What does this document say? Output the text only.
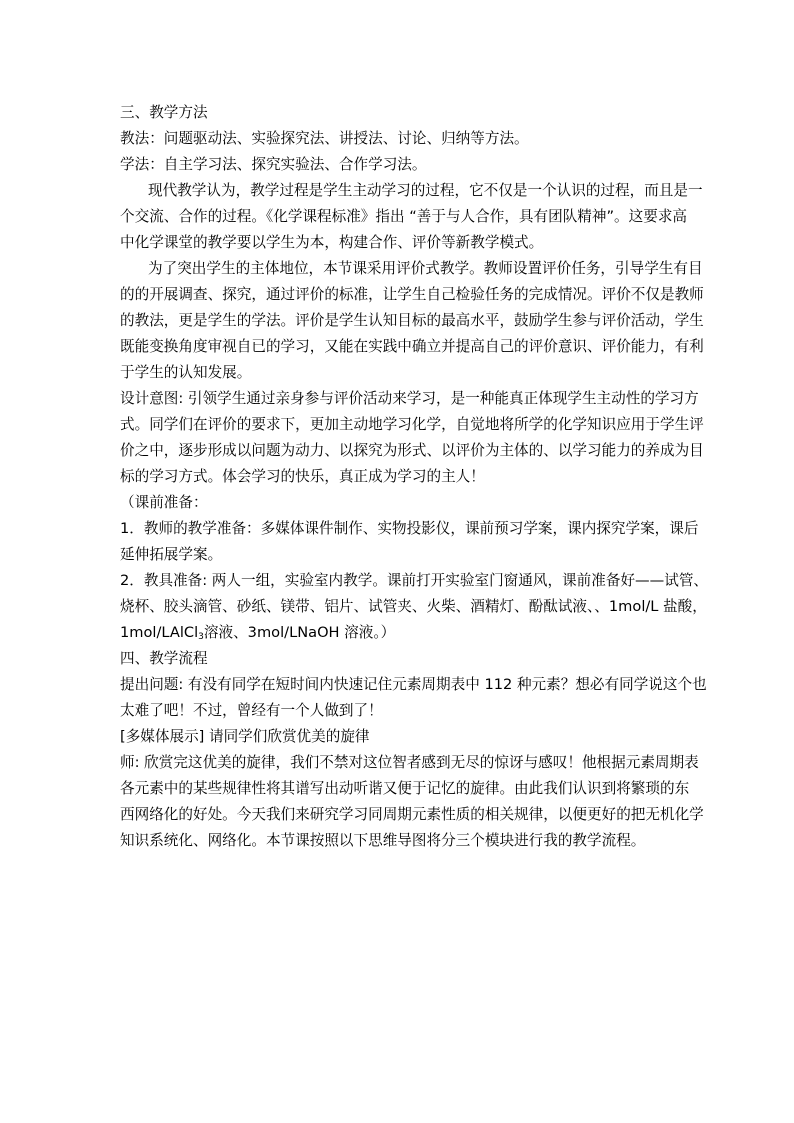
三、教学方法
教法：问题驱动法、实验探究法、讲授法、讨论、归纳等方法。
学法：自主学习法、探究实验法、合作学习法。
现代教学认为，教学过程是学生主动学习的过程，它不仅是一个认识的过程，而且是一
个交流、合作的过程。《化学课程标准》指出 “善于与人合作，具有团队精神”。这要求高
中化学课堂的教学要以学生为本，构建合作、评价等新教学模式。
为了突出学生的主体地位，本节课采用评价式教学。教师设置评价任务，引导学生有目
的的开展调查、探究，通过评价的标准，让学生自己检验任务的完成情况。评价不仅是教师
的教法，更是学生的学法。评价是学生认知目标的最高水平，鼓励学生参与评价活动，学生
既能变换角度审视自已的学习，又能在实践中确立并提高自己的评价意识、评价能力，有利
于学生的认知发展。
设计意图: 引领学生通过亲身参与评价活动来学习，是一种能真正体现学生主动性的学习方
式。同学们在评价的要求下，更加主动地学习化学，自觉地将所学的化学知识应用于学生评
价之中，逐步形成以问题为动力、以探究为形式、以评价为主体的、以学习能力的养成为目
标的学习方式。体会学习的快乐，真正成为学习的主人！
（课前准备：
1．教师的教学准备：多媒体课件制作、实物投影仪，课前预习学案，课内探究学案，课后
延伸拓展学案。
2．教具准备: 两人一组，实验室内教学。课前打开实验室门窗通风，课前准备好——试管、
烧杯、胶头滴管、砂纸、镁带、铝片、试管夹、火柴、酒精灯、酚酞试液、、1mol/L 盐酸，
1mol/LAlCl$_3$溶液、3mol/LNaOH 溶液。）
四、教学流程
提出问题: 有没有同学在短时间内快速记住元素周期表中 112 种元素？想必有同学说这个也
太难了吧！不过，曾经有一个人做到了！
[多媒体展示] 请同学们欣赏优美的旋律
师: 欣赏完这优美的旋律，我们不禁对这位智者感到无尽的惊讶与感叹！他根据元素周期表
各元素中的某些规律性将其谱写出动听谐又便于记忆的旋律。由此我们认识到将繁琐的东
西网络化的好处。今天我们来研究学习同周期元素性质的相关规律，以便更好的把无机化学
知识系统化、网络化。本节课按照以下思维导图将分三个模块进行我的教学流程。
